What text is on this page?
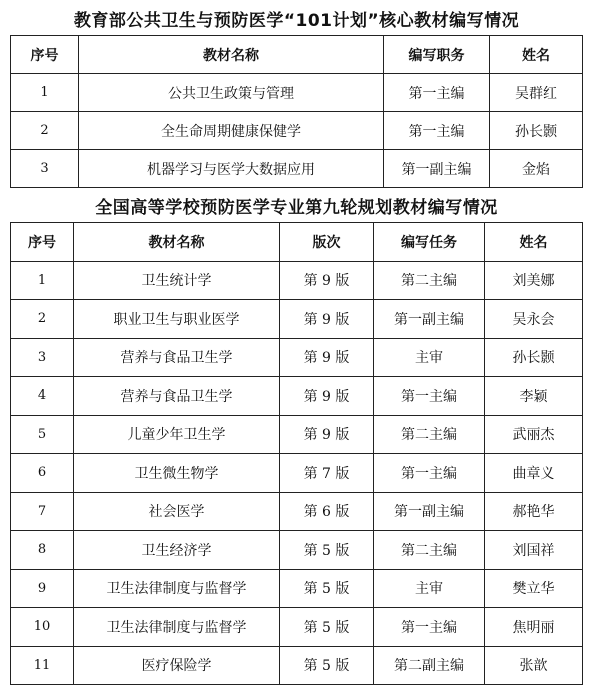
教育部公共卫生与预防医学“101计划”核心教材编写情况
序号	教材名称	编写职务	姓名
1	公共卫生政策与管理	第一主编	吴群红
2	全生命周期健康保健学	第一主编	孙长颢
3	机器学习与医学大数据应用	第一副主编	金焰
全国高等学校预防医学专业第九轮规划教材编写情况
序号	教材名称	版次	编写任务	姓名
1	卫生统计学	第 9 版	第二主编	刘美娜
2	职业卫生与职业医学	第 9 版	第一副主编	吴永会
3	营养与食品卫生学	第 9 版	主审	孙长颢
4	营养与食品卫生学	第 9 版	第一主编	李颖
5	儿童少年卫生学	第 9 版	第二主编	武丽杰
6	卫生微生物学	第 7 版	第一主编	曲章义
7	社会医学	第 6 版	第一副主编	郝艳华
8	卫生经济学	第 5 版	第二主编	刘国祥
9	卫生法律制度与监督学	第 5 版	主审	樊立华
10	卫生法律制度与监督学	第 5 版	第一主编	焦明丽
11	医疗保险学	第 5 版	第二副主编	张歆
